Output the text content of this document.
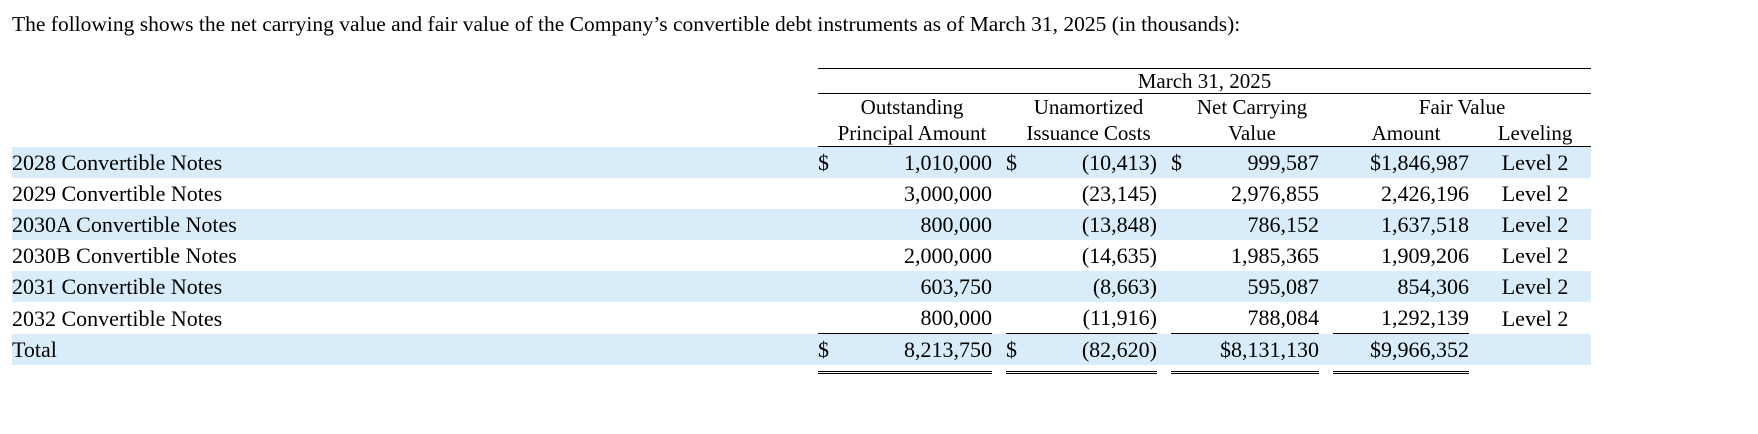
The following shows the net carrying value and fair value of the Company’s convertible debt instruments as of March 31, 2025 (in thousands):

	March 31, 2025											
	Outstanding			Unamortized			Net Carrying			Fair Value		
	Principal Amount			Issuance Costs			Value			Amount		Leveling
2028 Convertible Notes	$	1,010,000		$	(10,413)		$	999,587		$1,846,987		Level 2
2029 Convertible Notes		3,000,000			(23,145)			2,976,855		2,426,196		Level 2
2030A Convertible Notes		800,000			(13,848)			786,152		1,637,518		Level 2
2030B Convertible Notes		2,000,000			(14,635)			1,985,365		1,909,206		Level 2
2031 Convertible Notes		603,750			(8,663)			595,087		854,306		Level 2
2032 Convertible Notes		800,000			(11,916)			788,084		1,292,139		Level 2
Total	$	8,213,750		$	(82,620)			$8,131,130		$9,966,352		
